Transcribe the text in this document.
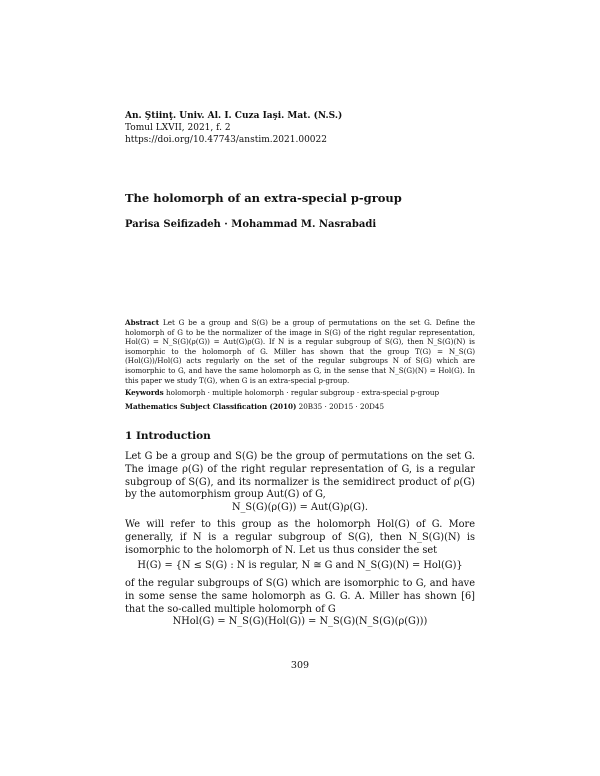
An. Ştiinţ. Univ. Al. I. Cuza Iaşi. Mat. (N.S.)
Tomul LXVII, 2021, f. 2
https://doi.org/10.47743/anstim.2021.00022
The holomorph of an extra-special p-group
Parisa Seifizadeh · Mohammad M. Nasrabadi
Abstract Let G be a group and S(G) be a group of permutations on the set G. Define the holomorph of G to be the normalizer of the image in S(G) of the right regular representation, Hol(G) = N_S(G)(ρ(G)) = Aut(G)ρ(G). If N is a regular subgroup of S(G), then N_S(G)(N) is isomorphic to the holomorph of G. Miller has shown that the group T(G) = N_S(G)(Hol(G))/Hol(G) acts regularly on the set of the regular subgroups N of S(G) which are isomorphic to G, and have the same holomorph as G, in the sense that N_S(G)(N) = Hol(G). In this paper we study T(G), when G is an extra-special p-group.
Keywords holomorph · multiple holomorph · regular subgroup · extra-special p-group
Mathematics Subject Classification (2010) 20B35 · 20D15 · 20D45
1 Introduction
Let G be a group and S(G) be the group of permutations on the set G. The image ρ(G) of the right regular representation of G, is a regular subgroup of S(G), and its normalizer is the semidirect product of ρ(G) by the automorphism group Aut(G) of G,
N_S(G)(ρ(G)) = Aut(G)ρ(G).
We will refer to this group as the holomorph Hol(G) of G. More generally, if N is a regular subgroup of S(G), then N_S(G)(N) is isomorphic to the holomorph of N. Let us thus consider the set
H(G) = {N ≤ S(G) : N is regular, N ≅ G and N_S(G)(N) = Hol(G)}
of the regular subgroups of S(G) which are isomorphic to G, and have in some sense the same holomorph as G. G. A. Miller has shown [6] that the so-called multiple holomorph of G
NHol(G) = N_S(G)(Hol(G)) = N_S(G)(N_S(G)(ρ(G)))
309
